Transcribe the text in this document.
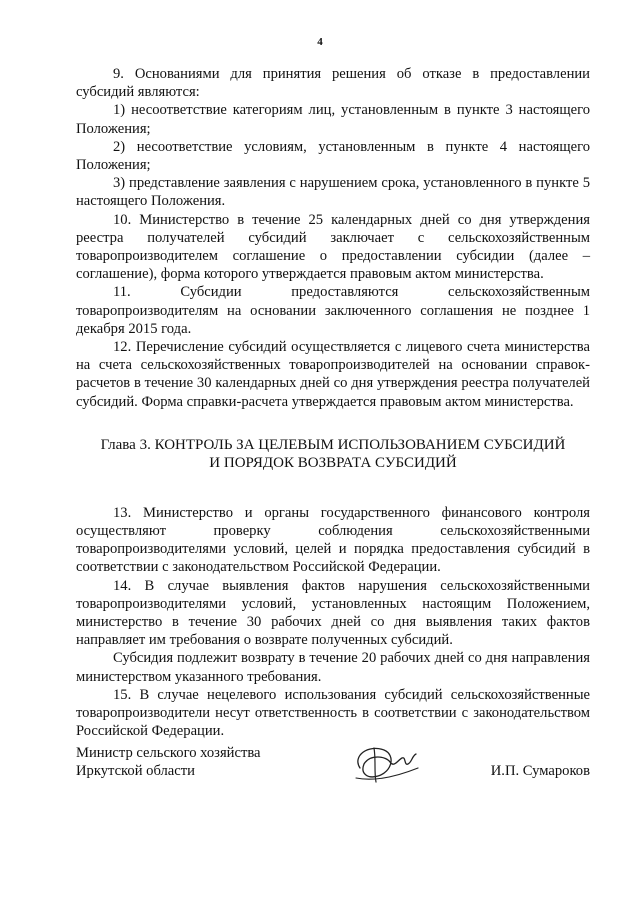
4

9. Основаниями для принятия решения об отказе в предоставлении субсидий являются:

1) несоответствие категориям лиц, установленным в пункте 3 настоящего Положения;

2) несоответствие условиям, установленным в пункте 4 настоящего Положения;

3) представление заявления с нарушением срока, установленного в пункте 5 настоящего Положения.

10. Министерство в течение 25 календарных дней со дня утверждения реестра получателей субсидий заключает с сельскохозяйственным товаропроизводителем соглашение о предоставлении субсидии (далее – соглашение), форма которого утверждается правовым актом министерства.

11. Субсидии предоставляются сельскохозяйственным товаропроизводителям на основании заключенного соглашения не позднее 1 декабря 2015 года.

12. Перечисление субсидий осуществляется с лицевого счета министерства на счета сельскохозяйственных товаропроизводителей на основании справок-расчетов в течение 30 календарных дней со дня утверждения реестра получателей субсидий. Форма справки-расчета утверждается правовым актом министерства.

Глава 3. КОНТРОЛЬ ЗА ЦЕЛЕВЫМ ИСПОЛЬЗОВАНИЕМ СУБСИДИЙ
И ПОРЯДОК ВОЗВРАТА СУБСИДИЙ

13. Министерство и органы государственного финансового контроля осуществляют проверку соблюдения сельскохозяйственными товаропроизводителями условий, целей и порядка предоставления субсидий в соответствии с законодательством Российской Федерации.

14. В случае выявления фактов нарушения сельскохозяйственными товаропроизводителями условий, установленных настоящим Положением, министерство в течение 30 рабочих дней со дня выявления таких фактов направляет им требования о возврате полученных субсидий.

Субсидия подлежит возврату в течение 20 рабочих дней со дня направления министерством указанного требования.

15. В случае нецелевого использования субсидий сельскохозяйственные товаропроизводители несут ответственность в соответствии с законодательством Российской Федерации.

Министр сельского хозяйства
Иркутской области	И.П. Сумароков
